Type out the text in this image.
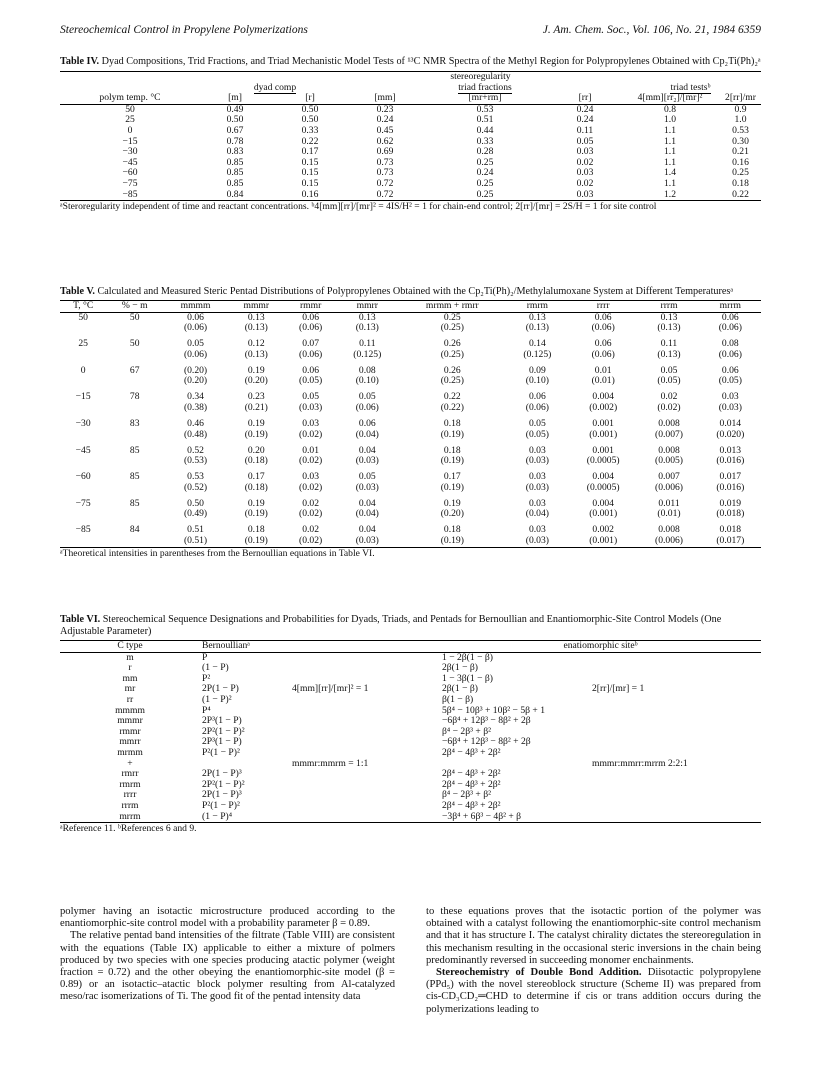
Stereochemical Control in Propylene Polymerizations	J. Am. Chem. Soc., Vol. 106, No. 21, 1984 6359
Table IV. Dyad Compositions, Trid Fractions, and Triad Mechanistic Model Tests of ¹³C NMR Spectra of the Methyl Region for Polypropylenes Obtained with Cp₂Ti(Ph)₂ᵃ
	stereoregularity						
	dyad comp		triad fractions			triad testsᵇ	
polym temp. °C	[m]	[r]	[mm]	[mr+rm]	[rr]	4[mm][rr₂]/[mr]²	2[rr]/mr
50	0.49	0.50	0.23	0.53	0.24	0.8	0.9
25	0.50	0.50	0.24	0.51	0.24	1.0	1.0
0	0.67	0.33	0.45	0.44	0.11	1.1	0.53
−15	0.78	0.22	0.62	0.33	0.05	1.1	0.30
−30	0.83	0.17	0.69	0.28	0.03	1.1	0.21
−45	0.85	0.15	0.73	0.25	0.02	1.1	0.16
−60	0.85	0.15	0.73	0.24	0.03	1.4	0.25
−75	0.85	0.15	0.72	0.25	0.02	1.1	0.18
−85	0.84	0.16	0.72	0.25	0.03	1.2	0.22
ᵃSteroregularity independent of time and reactant concentrations. ᵇ4[mm][rr]/[mr]² = 4IS/H² = 1 for chain-end control; 2[rr]/[mr] = 2S/H = 1 for site control
Table V. Calculated and Measured Steric Pentad Distributions of Polypropylenes Obtained with the Cp₂Ti(Ph)₂/Methylalumoxane System at Different Temperaturesᵃ
T, °C	% − m	mmmm	mmmr	rmmr	mmrr	mrmm + rmrr	rmrm	rrrr	rrrm	mrrm
50	50	0.06	0.13	0.06	0.13	0.25	0.13	0.06	0.13	0.06
		(0.06)	(0.13)	(0.06)	(0.13)	(0.25)	(0.13)	(0.06)	(0.13)	(0.06)
25	50	0.05	0.12	0.07	0.11	0.26	0.14	0.06	0.11	0.08
		(0.06)	(0.13)	(0.06)	(0.125)	(0.25)	(0.125)	(0.06)	(0.13)	(0.06)
0	67	(0.20)	0.19	0.06	0.08	0.26	0.09	0.01	0.05	0.06
		(0.20)	(0.20)	(0.05)	(0.10)	(0.25)	(0.10)	(0.01)	(0.05)	(0.05)
−15	78	0.34	0.23	0.05	0.05	0.22	0.06	0.004	0.02	0.03
		(0.38)	(0.21)	(0.03)	(0.06)	(0.22)	(0.06)	(0.002)	(0.02)	(0.03)
−30	83	0.46	0.19	0.03	0.06	0.18	0.05	0.001	0.008	0.014
		(0.48)	(0.19)	(0.02)	(0.04)	(0.19)	(0.05)	(0.001)	(0.007)	(0.020)
−45	85	0.52	0.20	0.01	0.04	0.18	0.03	0.001	0.008	0.013
		(0.53)	(0.18)	(0.02)	(0.03)	(0.19)	(0.03)	(0.0005)	(0.005)	(0.016)
−60	85	0.53	0.17	0.03	0.05	0.17	0.03	0.004	0.007	0.017
		(0.52)	(0.18)	(0.02)	(0.03)	(0.19)	(0.03)	(0.0005)	(0.006)	(0.016)
−75	85	0.50	0.19	0.02	0.04	0.19	0.03	0.004	0.011	0.019
		(0.49)	(0.19)	(0.02)	(0.04)	(0.20)	(0.04)	(0.001)	(0.01)	(0.018)
−85	84	0.51	0.18	0.02	0.04	0.18	0.03	0.002	0.008	0.018
		(0.51)	(0.19)	(0.02)	(0.03)	(0.19)	(0.03)	(0.001)	(0.006)	(0.017)
ᵃTheoretical intensities in parentheses from the Bernoullian equations in Table VI.
Table VI. Stereochemical Sequence Designations and Probabilities for Dyads, Triads, and Pentads for Bernoullian and Enantiomorphic-Site Control Models (One Adjustable Parameter)
C type	Bernoullianᵃ		enatiomorphic siteᵇ	
m	P		1 − 2β(1 − β)	
r	(1 − P)		2β(1 − β)	
mm	P²		1 − 3β(1 − β)	
mr	2P(1 − P)	4[mm][rr]/[mr]² = 1	2β(1 − β)	2[rr]/[mr] = 1
rr	(1 − P)²		β(1 − β)	
mmmm	P⁴		5β⁴ − 10β³ + 10β² − 5β + 1	
mmmr	2P³(1 − P)		−6β⁴ + 12β³ − 8β² + 2β	
rmmr	2P²(1 − P)²		β⁴ − 2β³ + β²	
mmrr	2P³(1 − P)		−6β⁴ + 12β³ − 8β² + 2β	
mrmm	P²(1 − P)²		2β⁴ − 4β³ + 2β²	
+		mmmr:mmrm = 1:1		mmmr:mmrr:mrrm 2:2:1
rmrr	2P(1 − P)³		2β⁴ − 4β³ + 2β²	
rmrm	2P²(1 − P)²		2β⁴ − 4β³ + 2β²	
rrrr	2P(1 − P)³		β⁴ − 2β³ + β²	
rrrm	P²(1 − P)²		2β⁴ − 4β³ + 2β²	
mrrm	(1 − P)⁴		−3β⁴ + 6β³ − 4β² + β	
ᵃReference 11. ᵇReferences 6 and 9.

polymer having an isotactic microstructure produced according to the enantiomorphic-site control model with a probability parameter β = 0.89.

The relative pentad band intensities of the filtrate (Table VIII) are consistent with the equations (Table IX) applicable to either a mixture of polmers produced by two species with one species producing atactic polymer (weight fraction = 0.72) and the other obeying the enantiomorphic-site model (β = 0.89) or an isotactic–atactic block polymer resulting from Al-catalyzed meso/rac isomerizations of Ti. The good fit of the pentad intensity data

to these equations proves that the isotactic portion of the polymer was obtained with a catalyst following the enantiomorphic-site control mechanism and that it has structure I. The catalyst chirality dictates the stereoregulation in this mechanism resulting in the occasional steric inversions in the chain being predominantly reversed in succeeding monomer enchainments.

Stereochemistry of Double Bond Addition. Diisotactic polypropylene (PPd₅) with the novel stereoblock structure (Scheme II) was prepared from cis-CD₃CD₂═CHD to determine if cis or trans addition occurs during the polymerizations leading to
